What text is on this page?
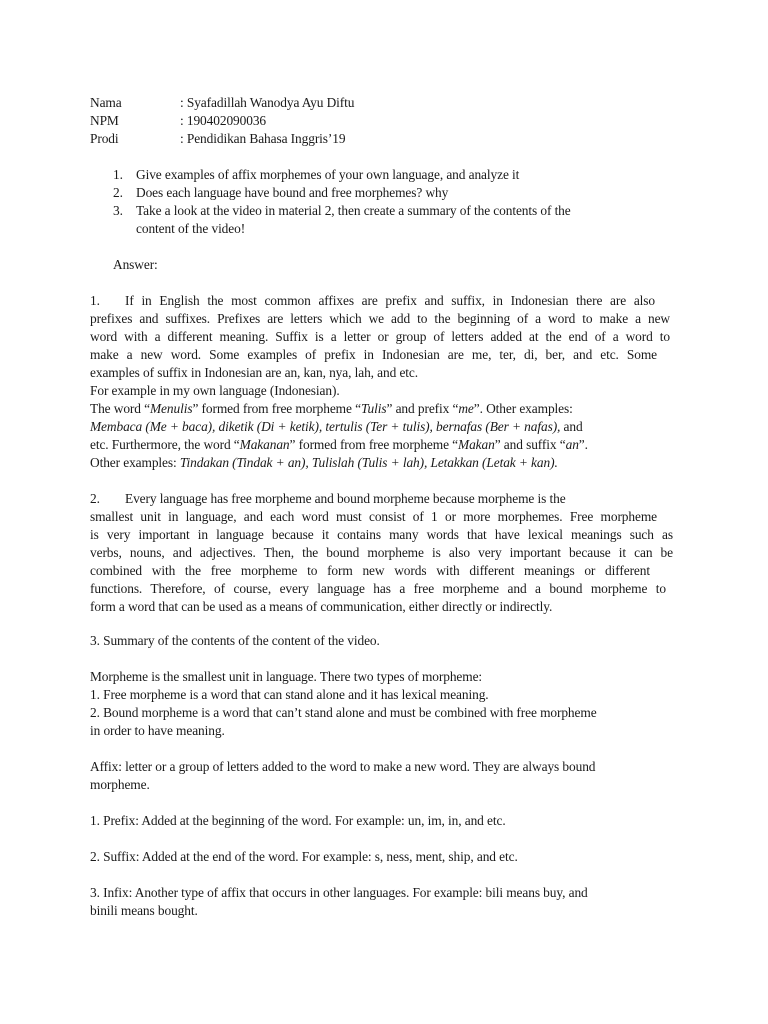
Nama	: Syafadillah Wanodya Ayu Diftu
NPM	: 190402090036
Prodi	: Pendidikan Bahasa Inggris’19
1. Give examples of affix morphemes of your own language, and analyze it
2. Does each language have bound and free morphemes? why
3. Take a look at the video in material 2, then create a summary of the contents of the
content of the video!
Answer:
1. If in English the most common affixes are prefix and suffix, in Indonesian there are also
prefixes and suffixes. Prefixes are letters which we add to the beginning of a word to make a new
word with a different meaning. Suffix is a letter or group of letters added at the end of a word to
make a new word. Some examples of prefix in Indonesian are me, ter, di, ber, and etc. Some
examples of suffix in Indonesian are an, kan, nya, lah, and etc.
For example in my own language (Indonesian).
The word “Menulis” formed from free morpheme “Tulis” and prefix “me”. Other examples:
Membaca (Me + baca), diketik (Di + ketik), tertulis (Ter + tulis), bernafas (Ber + nafas), and
etc. Furthermore, the word “Makanan” formed from free morpheme “Makan” and suffix “an”.
Other examples: Tindakan (Tindak + an), Tulislah (Tulis + lah), Letakkan (Letak + kan).
2. Every language has free morpheme and bound morpheme because morpheme is the
smallest unit in language, and each word must consist of 1 or more morphemes. Free morpheme
is very important in language because it contains many words that have lexical meanings such as
verbs, nouns, and adjectives. Then, the bound morpheme is also very important because it can be
combined with the free morpheme to form new words with different meanings or different
functions. Therefore, of course, every language has a free morpheme and a bound morpheme to
form a word that can be used as a means of communication, either directly or indirectly.
3. Summary of the contents of the content of the video.
Morpheme is the smallest unit in language. There two types of morpheme:
1. Free morpheme is a word that can stand alone and it has lexical meaning.
2. Bound morpheme is a word that can’t stand alone and must be combined with free morpheme
in order to have meaning.
Affix: letter or a group of letters added to the word to make a new word. They are always bound
morpheme.
1. Prefix: Added at the beginning of the word. For example: un, im, in, and etc.
2. Suffix: Added at the end of the word. For example: s, ness, ment, ship, and etc.
3. Infix: Another type of affix that occurs in other languages. For example: bili means buy, and
binili means bought.
